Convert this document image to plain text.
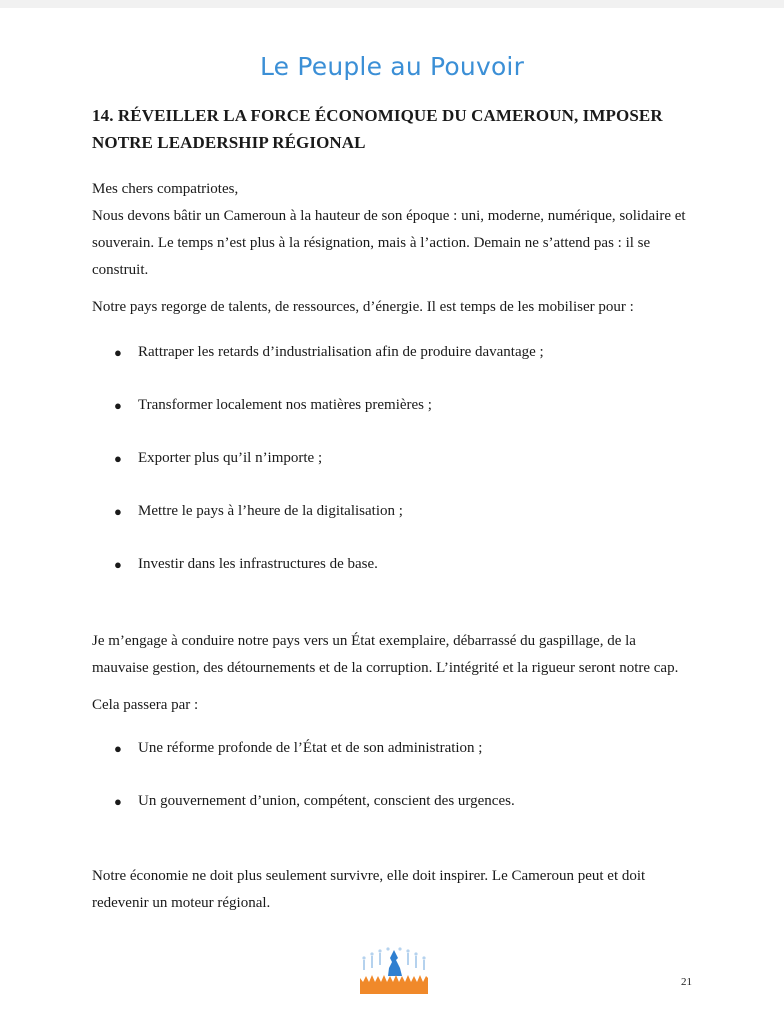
Le Peuple au Pouvoir
14. RÉVEILLER LA FORCE ÉCONOMIQUE DU CAMEROUN, IMPOSER NOTRE LEADERSHIP RÉGIONAL

Mes chers compatriotes,

Nous devons bâtir un Cameroun à la hauteur de son époque : uni, moderne, numérique, solidaire et souverain. Le temps n’est plus à la résignation, mais à l’action. Demain ne s’attend pas : il se construit.

Notre pays regorge de talents, de ressources, d’énergie. Il est temps de les mobiliser pour :

● Rattraper les retards d’industrialisation afin de produire davantage ;
● Transformer localement nos matières premières ;
● Exporter plus qu’il n’importe ;
● Mettre le pays à l’heure de la digitalisation ;
● Investir dans les infrastructures de base.

Je m’engage à conduire notre pays vers un État exemplaire, débarrassé du gaspillage, de la mauvaise gestion, des détournements et de la corruption. L’intégrité et la rigueur seront notre cap.

Cela passera par :

● Une réforme profonde de l’État et de son administration ;
● Un gouvernement d’union, compétent, conscient des urgences.

Notre économie ne doit plus seulement survivre, elle doit inspirer. Le Cameroun peut et doit redevenir un moteur régional.

21
